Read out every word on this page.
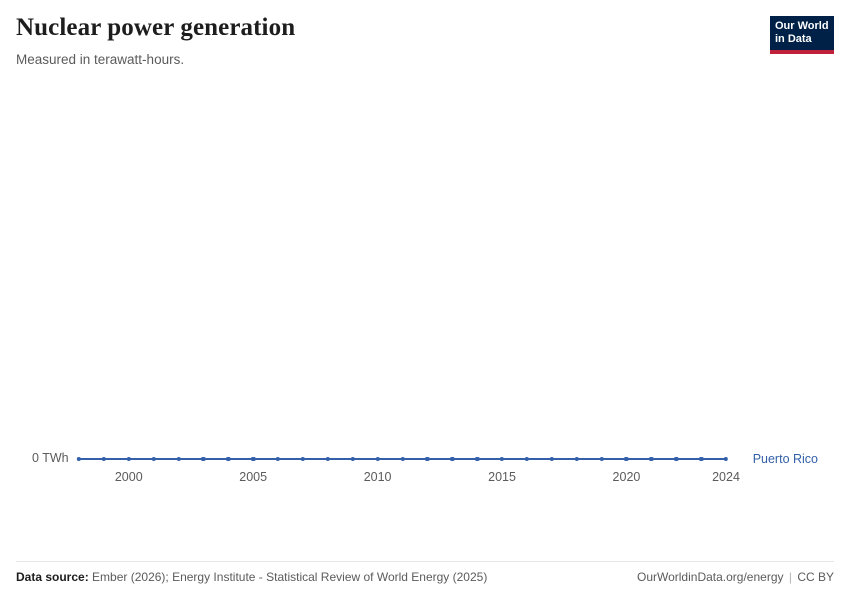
Nuclear power generation
Measured in terawatt-hours.
Our World
in Data
0 TWh	Puerto Rico
2000	2005	2010	2015	2020	2024
Data source: Ember (2026); Energy Institute - Statistical Review of World Energy (2025)	OurWorldinData.org/energy | CC BY
